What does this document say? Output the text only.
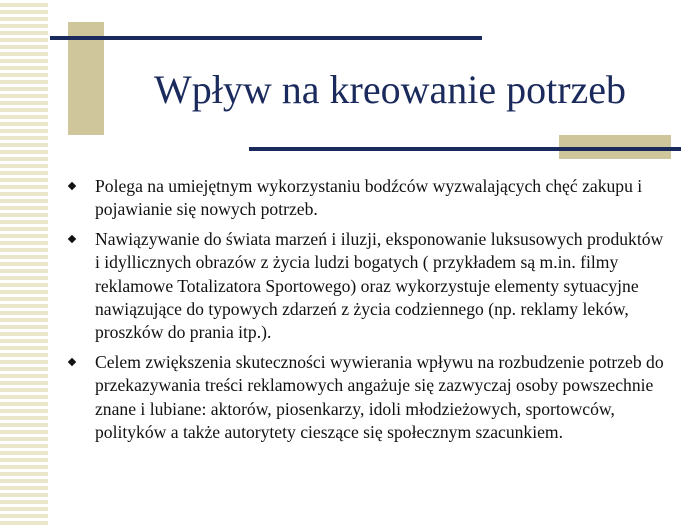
Wpływ na kreowanie potrzeb
Polega na umiejętnym wykorzystaniu bodźców wyzwalających chęć zakupu i pojawianie się nowych potrzeb.
Nawiązywanie do świata marzeń i iluzji, eksponowanie luksusowych produktów i idyllicznych obrazów z życia ludzi bogatych ( przykładem są m.in. filmy reklamowe Totalizatora Sportowego) oraz wykorzystuje elementy sytuacyjne nawiązujące do typowych zdarzeń z życia codziennego (np. reklamy leków, proszków do prania itp.).
Celem zwiększenia skuteczności wywierania wpływu na rozbudzenie potrzeb do przekazywania treści reklamowych angażuje się zazwyczaj osoby powszechnie znane i lubiane: aktorów, piosenkarzy, idoli młodzieżowych, sportowców, polityków a także autorytety cieszące się społecznym szacunkiem.
